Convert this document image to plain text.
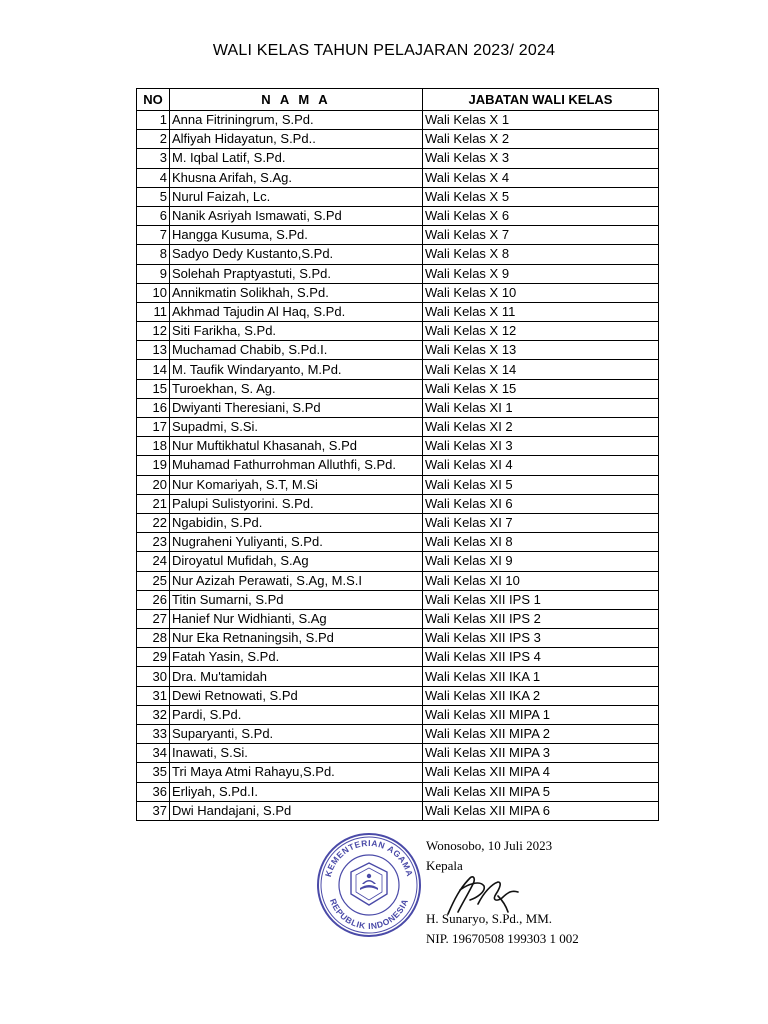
WALI KELAS TAHUN PELAJARAN 2023/ 2024
NO	N A M A	JABATAN WALI KELAS
1	Anna Fitriningrum, S.Pd.	Wali Kelas X 1
2	Alfiyah Hidayatun, S.Pd..	Wali Kelas X 2
3	M. Iqbal Latif, S.Pd.	Wali Kelas X 3
4	Khusna Arifah, S.Ag.	Wali Kelas X 4
5	Nurul Faizah, Lc.	Wali Kelas X 5
6	Nanik Asriyah Ismawati, S.Pd	Wali Kelas X 6
7	Hangga Kusuma, S.Pd.	Wali Kelas X 7
8	Sadyo Dedy Kustanto,S.Pd.	Wali Kelas X 8
9	Solehah Praptyastuti, S.Pd.	Wali Kelas X 9
10	Annikmatin Solikhah, S.Pd.	Wali Kelas X 10
11	Akhmad Tajudin Al Haq, S.Pd.	Wali Kelas X 11
12	Siti Farikha, S.Pd.	Wali Kelas X 12
13	Muchamad Chabib, S.Pd.I.	Wali Kelas X 13
14	M. Taufik Windaryanto, M.Pd.	Wali Kelas X 14
15	Turoekhan, S. Ag.	Wali Kelas X 15
16	Dwiyanti Theresiani, S.Pd	Wali Kelas XI 1
17	Supadmi, S.Si.	Wali Kelas XI 2
18	Nur Muftikhatul Khasanah, S.Pd	Wali Kelas XI 3
19	Muhamad Fathurrohman Alluthfi, S.Pd.	Wali Kelas XI 4
20	Nur Komariyah, S.T, M.Si	Wali Kelas XI 5
21	Palupi Sulistyorini. S.Pd.	Wali Kelas XI 6
22	Ngabidin, S.Pd.	Wali Kelas XI 7
23	Nugraheni Yuliyanti, S.Pd.	Wali Kelas XI 8
24	Diroyatul Mufidah, S.Ag	Wali Kelas XI 9
25	Nur Azizah Perawati, S.Ag, M.S.I	Wali Kelas XI 10
26	Titin Sumarni, S.Pd	Wali Kelas XII IPS 1
27	Hanief Nur Widhianti, S.Ag	Wali Kelas XII IPS 2
28	Nur Eka Retnaningsih, S.Pd	Wali Kelas XII IPS 3
29	Fatah Yasin, S.Pd.	Wali Kelas XII IPS 4
30	Dra. Mu'tamidah	Wali Kelas XII IKA 1
31	Dewi Retnowati, S.Pd	Wali Kelas XII IKA 2
32	Pardi, S.Pd.	Wali Kelas XII MIPA 1
33	Suparyanti, S.Pd.	Wali Kelas XII MIPA 2
34	Inawati, S.Si.	Wali Kelas XII MIPA 3
35	Tri Maya Atmi Rahayu,S.Pd.	Wali Kelas XII MIPA 4
36	Erliyah, S.Pd.I.	Wali Kelas XII MIPA 5
37	Dwi Handajani, S.Pd	Wali Kelas XII MIPA 6
KEMENTERIAN AGAMA
REPUBLIK INDONESIA
Wonosobo, 10 Juli 2023
Kepala
H. Sunaryo, S.Pd., MM.
NIP. 19670508 199303 1 002
